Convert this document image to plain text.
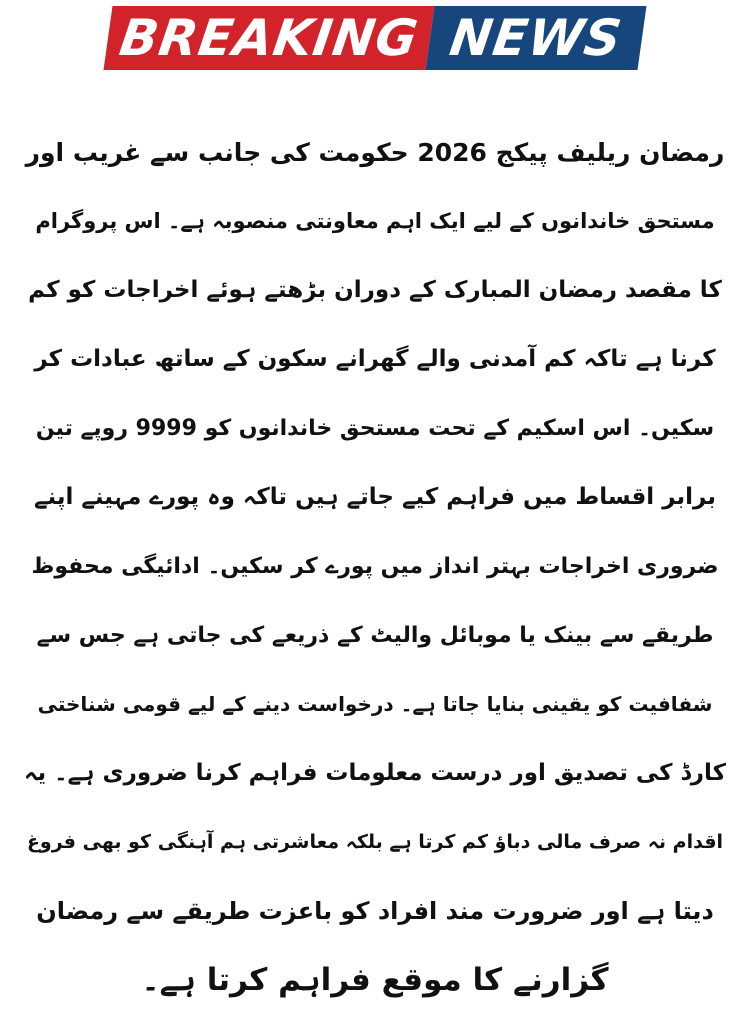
BREAKING NEWS
رمضان ریلیف پیکج 2026 حکومت کی جانب سے غریب اور
مستحق خاندانوں کے لیے ایک اہم معاونتی منصوبہ ہے۔ اس پروگرام
کا مقصد رمضان المبارک کے دوران بڑھتے ہوئے اخراجات کو کم
کرنا ہے تاکہ کم آمدنی والے گھرانے سکون کے ساتھ عبادات کر
سکیں۔ اس اسکیم کے تحت مستحق خاندانوں کو 9999 روپے تین
برابر اقساط میں فراہم کیے جاتے ہیں تاکہ وہ پورے مہینے اپنے
ضروری اخراجات بہتر انداز میں پورے کر سکیں۔ ادائیگی محفوظ
طریقے سے بینک یا موبائل والیٹ کے ذریعے کی جاتی ہے جس سے
شفافیت کو یقینی بنایا جاتا ہے۔ درخواست دینے کے لیے قومی شناختی
کارڈ کی تصدیق اور درست معلومات فراہم کرنا ضروری ہے۔ یہ
اقدام نہ صرف مالی دباؤ کم کرتا ہے بلکہ معاشرتی ہم آہنگی کو بھی فروغ
دیتا ہے اور ضرورت مند افراد کو باعزت طریقے سے رمضان
گزارنے کا موقع فراہم کرتا ہے۔
